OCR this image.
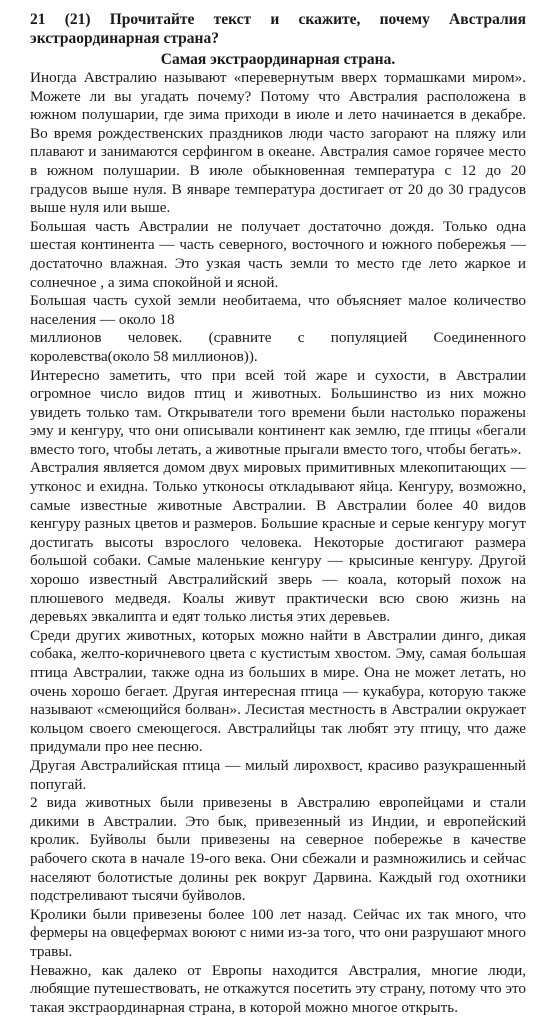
21 (21) Прочитайте текст и скажите, почему Австралия экстраординарная страна?

Самая экстраординарная страна.

Иногда Австралию называют «перевернутым вверх тормашками миром». Можете ли вы угадать почему? Потому что Австралия расположена в южном полушарии, где зима приходи в июле и лето начинается в декабре. Во время рождественских праздников люди часто загорают на пляжу или плавают и занимаются серфингом в океане. Австралия самое горячее место в южном полушарии. В июле обыкновенная температура с 12 до 20 градусов выше нуля. В январе температура достигает от 20 до 30 градусов выше нуля или выше.

Большая часть Австралии не получает достаточно дождя. Только одна шестая континента — часть северного, восточного и южного побережья — достаточно влажная. Это узкая часть земли то место где лето жаркое и солнечное , а зима спокойной и ясной.

Большая часть сухой земли необитаема, что объясняет малое количество населения — около 18

миллионов человек. (сравните с популяцией Соединенного королевства(около 58 миллионов)).

Интересно заметить, что при всей той жаре и сухости, в Австралии огромное число видов птиц и животных. Большинство из них можно увидеть только там. Открыватели того времени были настолько поражены эму и кенгуру, что они описывали континент как землю, где птицы «бегали вместо того, чтобы летать, а животные прыгали вместо того, чтобы бегать».

Австралия является домом двух мировых примитивных млекопитающих — утконос и ехидна. Только утконосы откладывают яйца. Кенгуру, возможно, самые известные животные Австралии. В Австралии более 40 видов кенгуру разных цветов и размеров. Большие красные и серые кенгуру могут достигать высоты взрослого человека. Некоторые достигают размера большой собаки. Самые маленькие кенгуру — крысиные кенгуру. Другой хорошо известный Австралийский зверь — коала, который похож на плюшевого медведя. Коалы живут практически всю свою жизнь на деревьях эвкалипта и едят только листья этих деревьев.

Среди других животных, которых можно найти в Австралии динго, дикая собака, желто-коричневого цвета с кустистым хвостом. Эму, самая большая птица Австралии, также одна из больших в мире. Она не может летать, но очень хорошо бегает. Другая интересная птица — кукабура, которую также называют «смеющийся болван». Лесистая местность в Австралии окружает кольцом своего смеющегося. Австралийцы так любят эту птицу, что даже придумали про нее песню.

Другая Австралийская птица — милый лирохвост, красиво разукрашенный попугай.

2 вида животных были привезены в Австралию европейцами и стали дикими в Австралии. Это бык, привезенный из Индии, и европейский кролик. Буйволы были привезены на северное побережье в качестве рабочего скота в начале 19-ого века. Они сбежали и размножились и сейчас населяют болотистые долины рек вокруг Дарвина. Каждый год охотники подстреливают тысячи буйволов.

Кролики были привезены более 100 лет назад. Сейчас их так много, что фермеры на овцефермах воюют с ними из-за того, что они разрушают много травы.

Неважно, как далеко от Европы находится Австралия, многие люди, любящие путешествовать, не откажутся посетить эту страну, потому что это такая экстраординарная страна, в которой можно многое открыть.
